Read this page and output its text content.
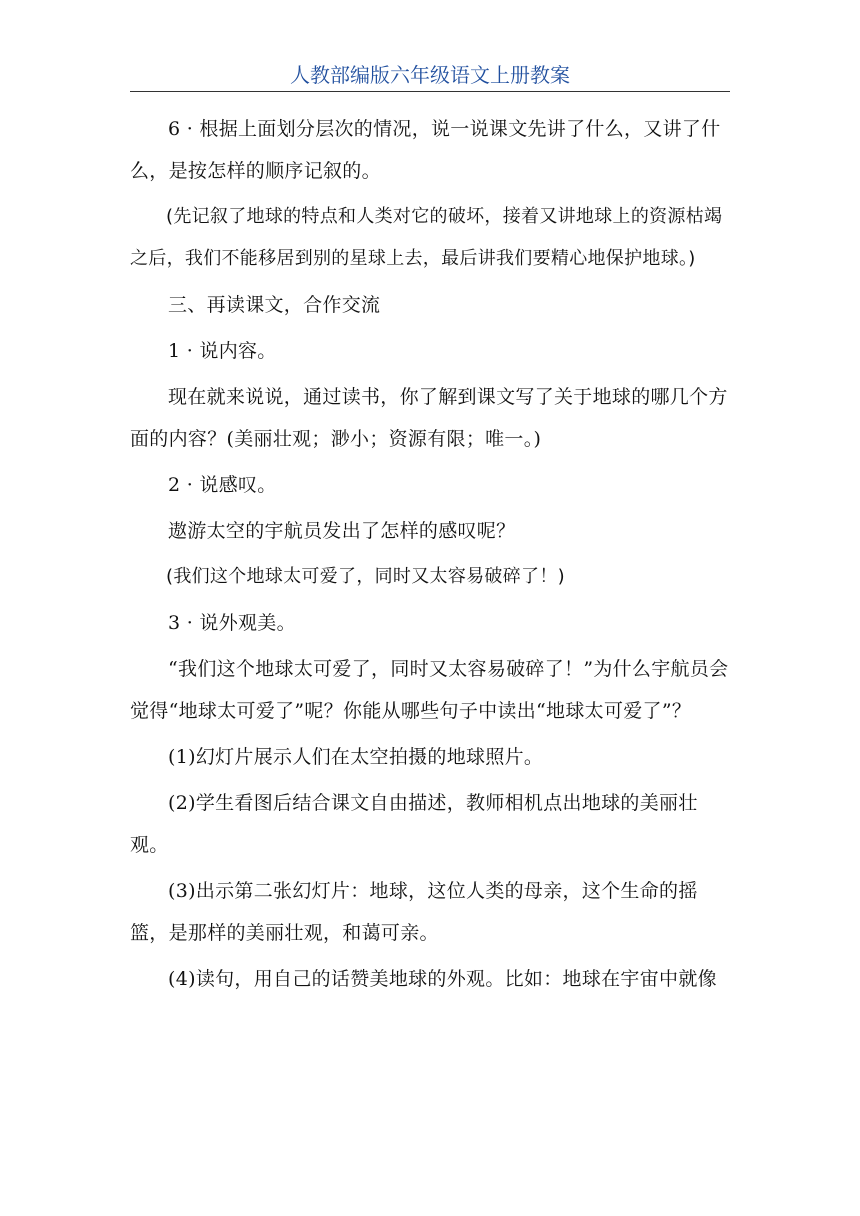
人教部编版六年级语文上册教案

6 · 根据上面划分层次的情况，说一说课文先讲了什么，又讲了什么，是按怎样的顺序记叙的。

(先记叙了地球的特点和人类对它的破坏，接着又讲地球上的资源枯竭之后，我们不能移居到别的星球上去，最后讲我们要精心地保护地球。)

三、再读课文，合作交流

1 · 说内容。

现在就来说说，通过读书，你了解到课文写了关于地球的哪几个方面的内容？(美丽壮观；渺小；资源有限；唯一。)

2 · 说感叹。

遨游太空的宇航员发出了怎样的感叹呢？

(我们这个地球太可爱了，同时又太容易破碎了！)

3 · 说外观美。

“我们这个地球太可爱了，同时又太容易破碎了！”为什么宇航员会觉得“地球太可爱了”呢？你能从哪些句子中读出“地球太可爱了”？

(1)幻灯片展示人们在太空拍摄的地球照片。

(2)学生看图后结合课文自由描述，教师相机点出地球的美丽壮观。

(3)出示第二张幻灯片：地球，这位人类的母亲，这个生命的摇篮，是那样的美丽壮观，和蔼可亲。

(4)读句，用自己的话赞美地球的外观。比如：地球在宇宙中就像
